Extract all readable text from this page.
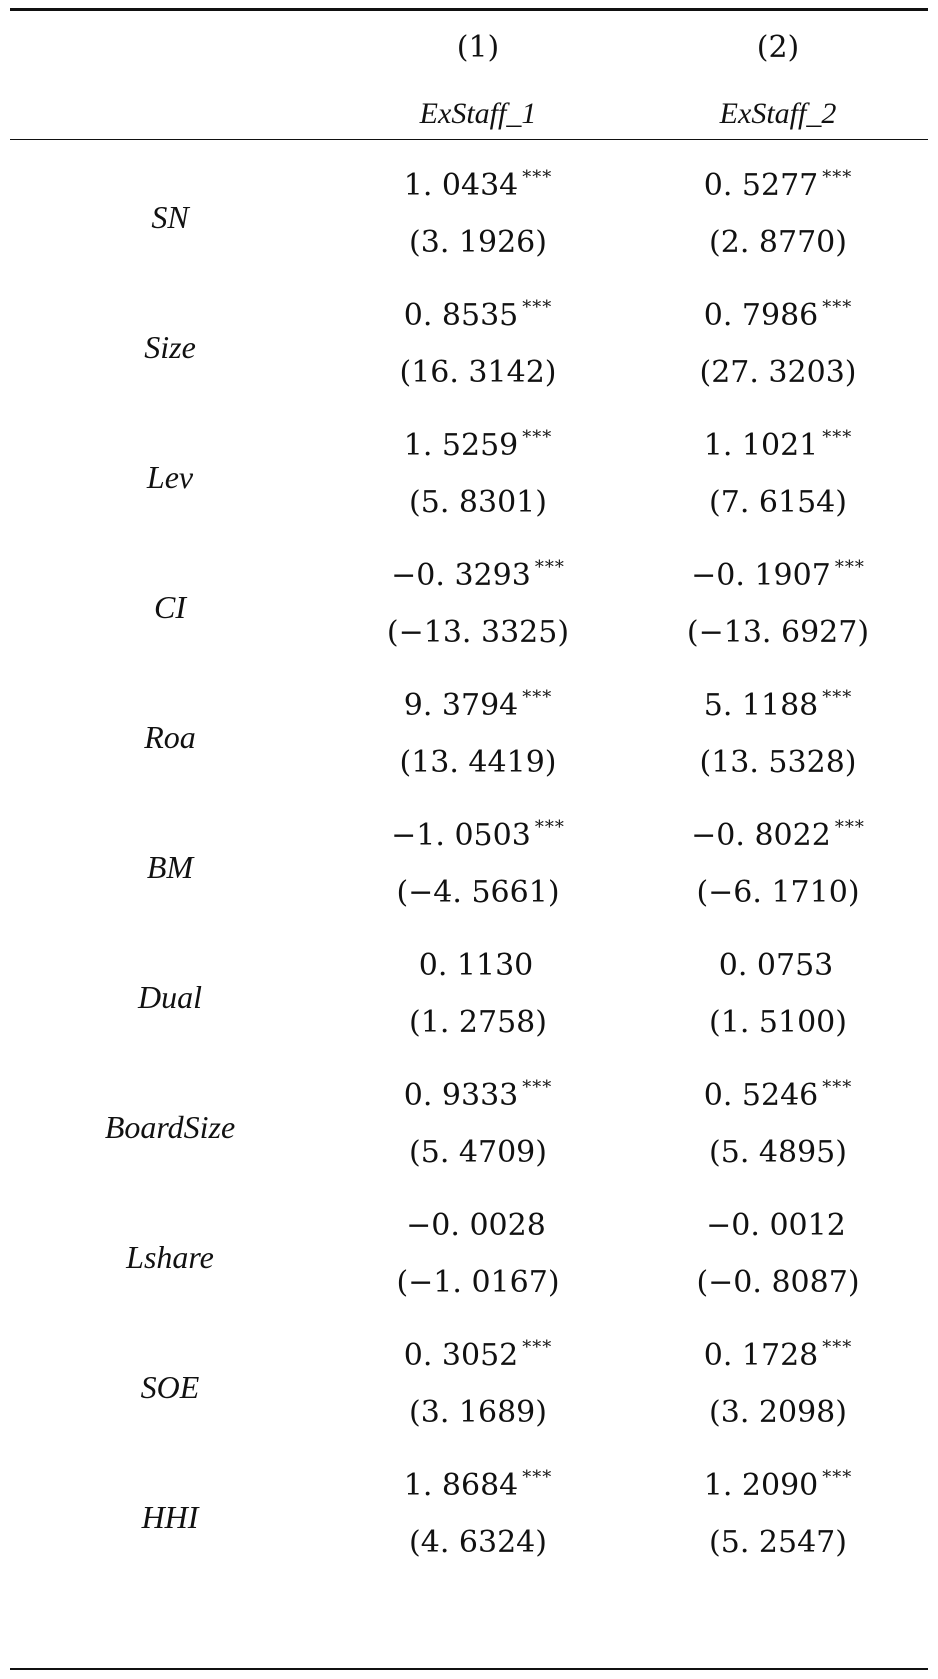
(1)
ExStaff_1
(2)
ExStaff_2
SN
1. 0434 ***
(3. 1926)
0. 5277 ***
(2. 8770)
Size
0. 8535 ***
(16. 3142)
0. 7986 ***
(27. 3203)
Lev
1. 5259 ***
(5. 8301)
1. 1021 ***
(7. 6154)
CI
−0. 3293 ***
(−13. 3325)
−0. 1907 ***
(−13. 6927)
Roa
9. 3794 ***
(13. 4419)
5. 1188 ***
(13. 5328)
BM
−1. 0503 ***
(−4. 5661)
−0. 8022 ***
(−6. 1710)
Dual
0. 1130
(1. 2758)
0. 0753
(1. 5100)
BoardSize
0. 9333 ***
(5. 4709)
0. 5246 ***
(5. 4895)
Lshare
−0. 0028
(−1. 0167)
−0. 0012
(−0. 8087)
SOE
0. 3052 ***
(3. 1689)
0. 1728 ***
(3. 2098)
HHI
1. 8684 ***
(4. 6324)
1. 2090 ***
(5. 2547)
